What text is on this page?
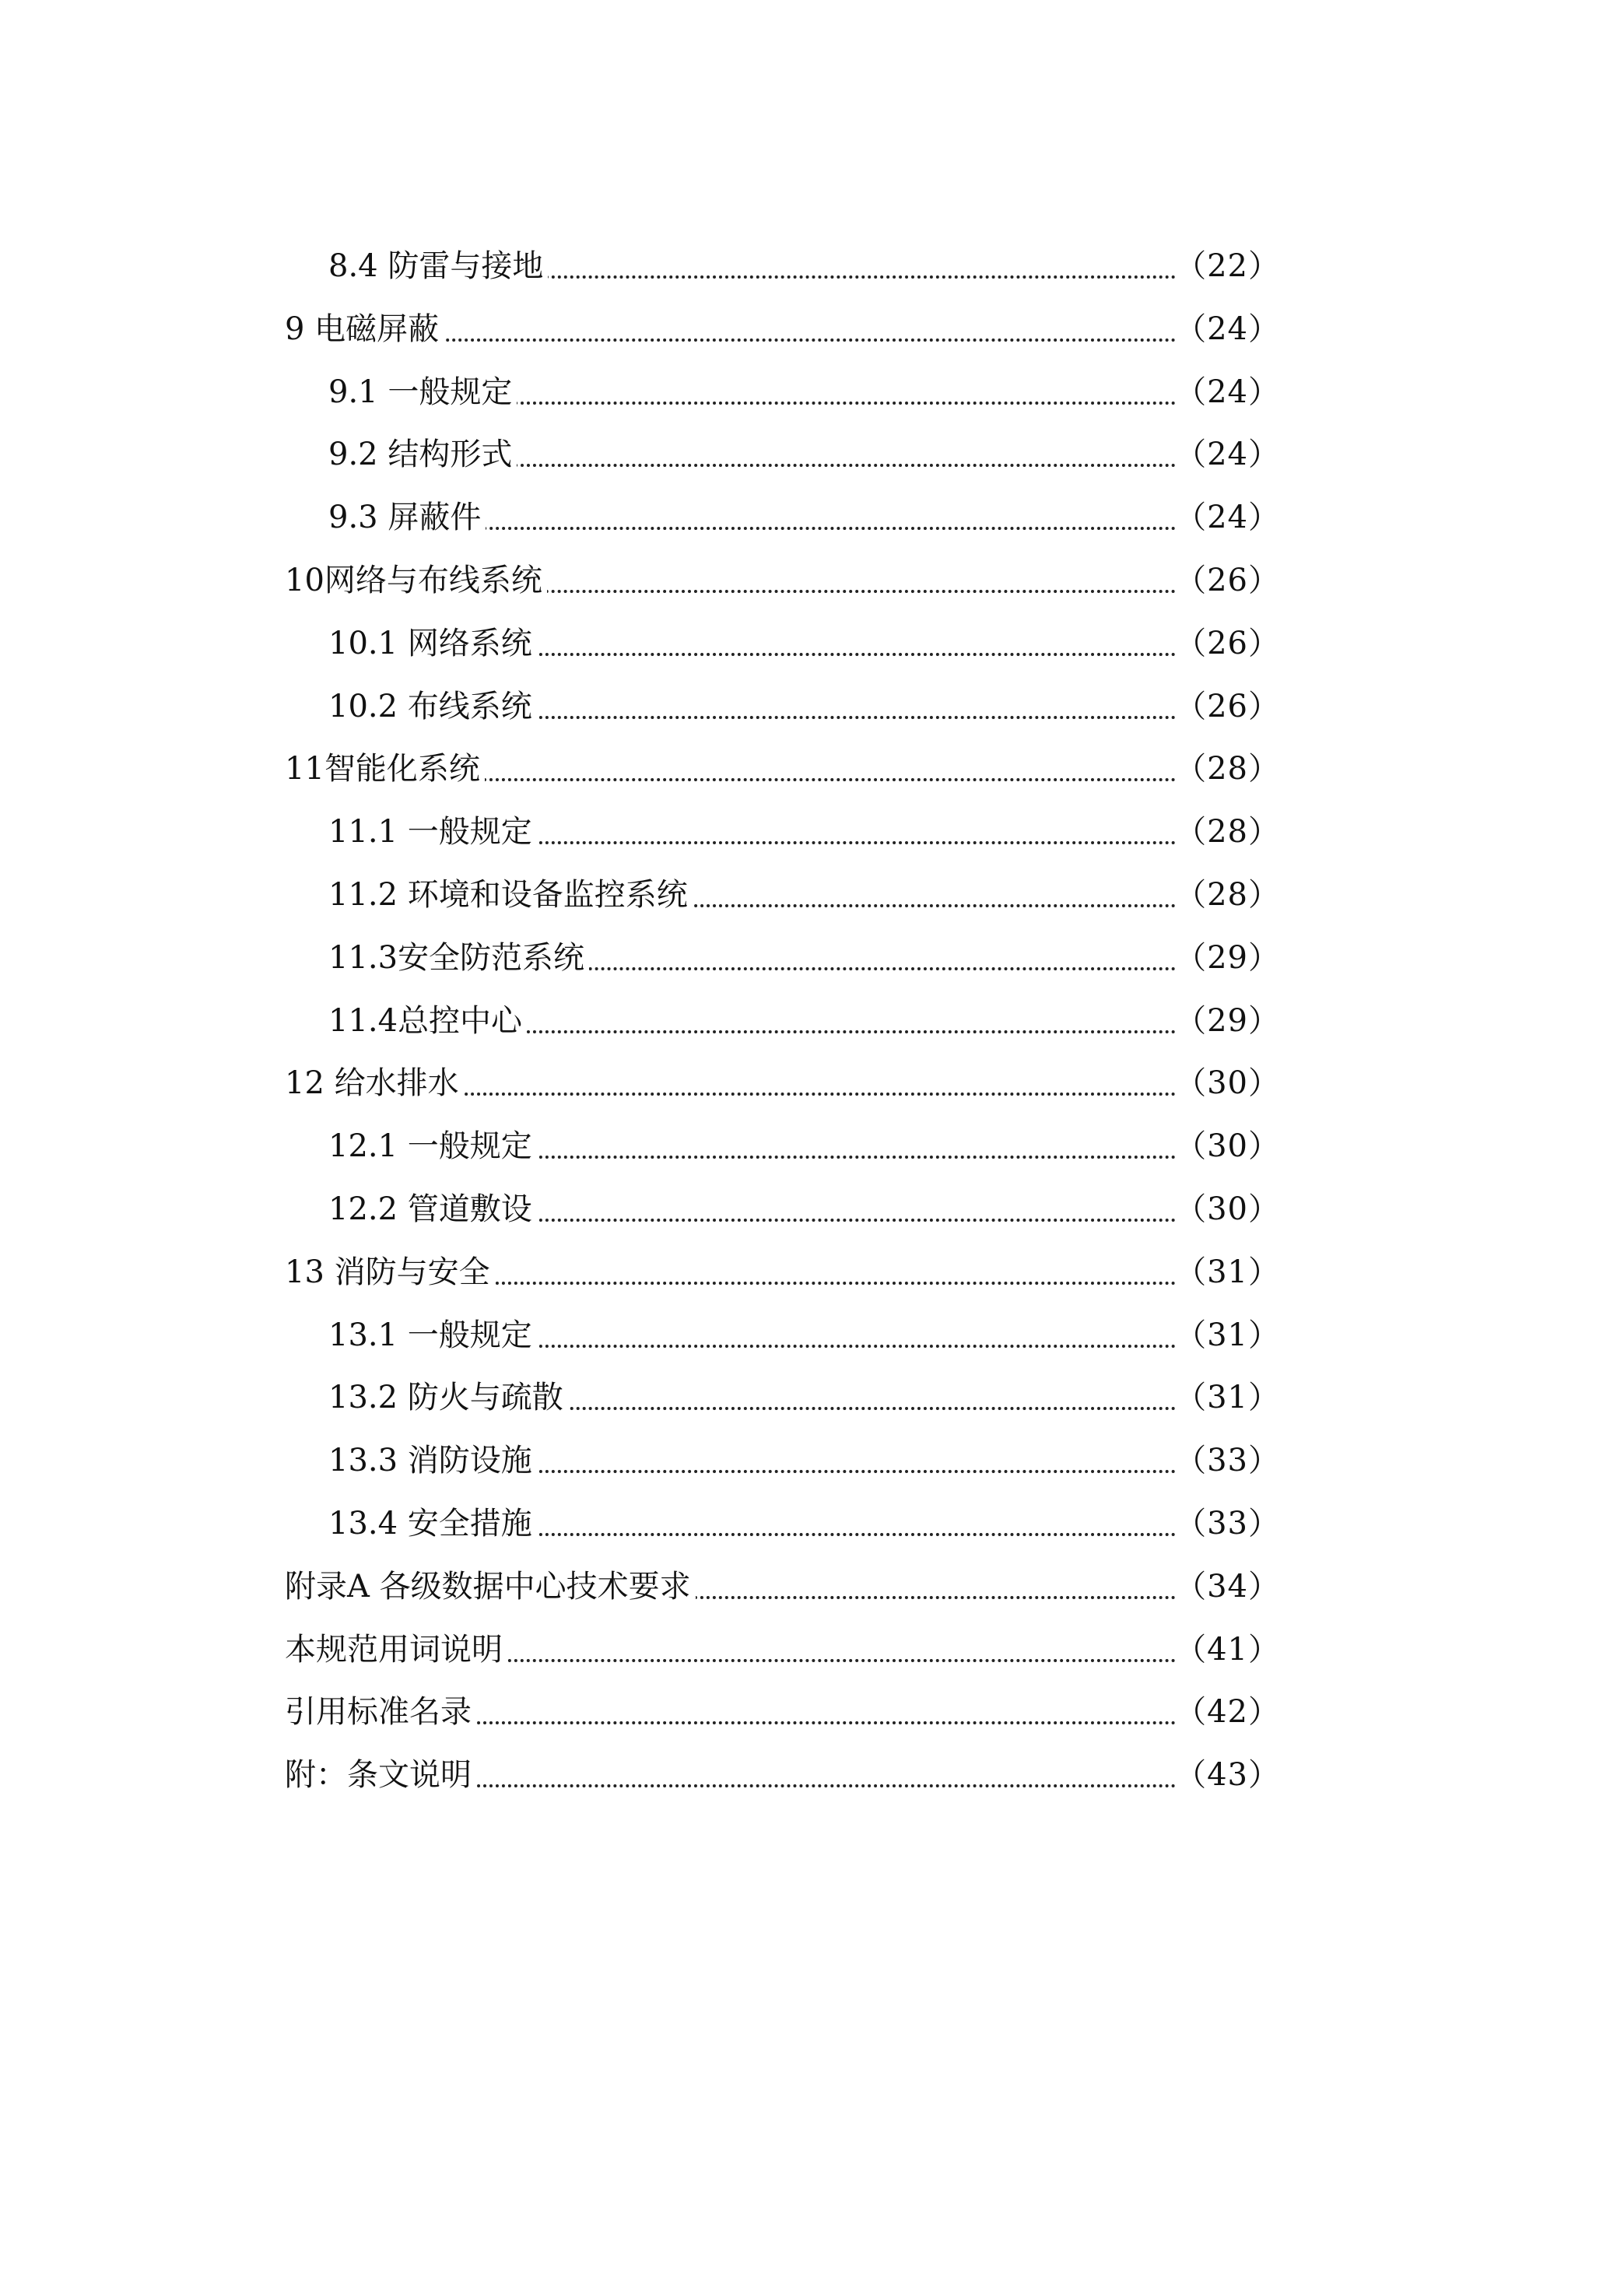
8.4 防雷与接地	（22）
9 电磁屏蔽	（24）
9.1 一般规定	（24）
9.2 结构形式	（24）
9.3 屏蔽件	（24）
10网络与布线系统	（26）
10.1 网络系统	（26）
10.2 布线系统	（26）
11智能化系统	（28）
11.1 一般规定	（28）
11.2 环境和设备监控系统	（28）
11.3安全防范系统	（29）
11.4总控中心	（29）
12 给水排水	（30）
12.1 一般规定	（30）
12.2 管道敷设	（30）
13 消防与安全	（31）
13.1 一般规定	（31）
13.2 防火与疏散	（31）
13.3 消防设施	（33）
13.4 安全措施	（33）
附录A 各级数据中心技术要求	（34）
本规范用词说明	（41）
引用标准名录	（42）
附：条文说明	（43）
